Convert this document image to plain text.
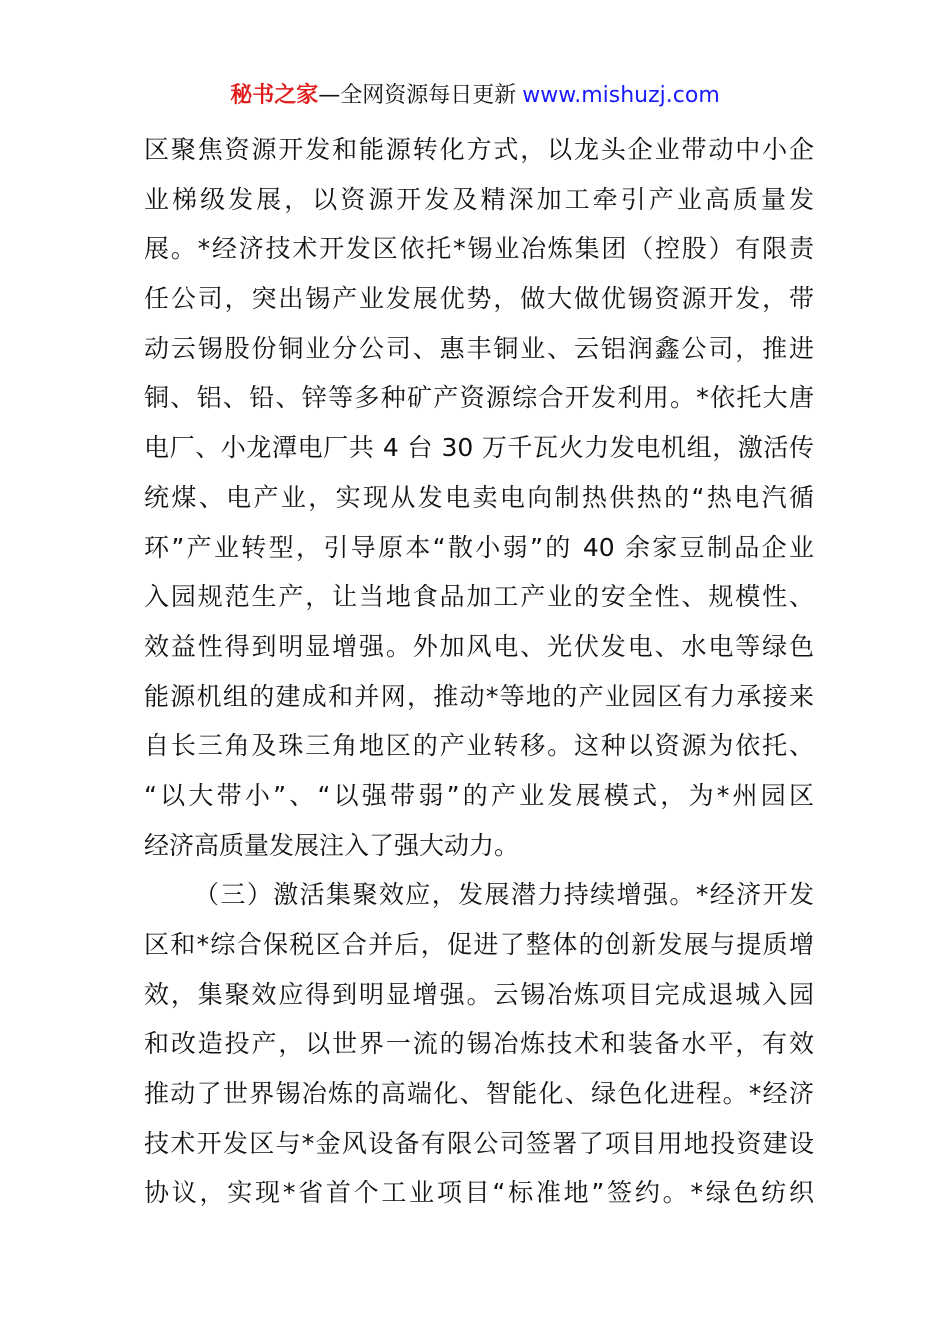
秘书之家—全网资源每日更新 www.mishuzj.com
区聚焦资源开发和能源转化方式，以龙头企业带动中小企
业梯级发展，以资源开发及精深加工牵引产业高质量发
展。*经济技术开发区依托*锡业冶炼集团（控股）有限责
任公司，突出锡产业发展优势，做大做优锡资源开发，带
动云锡股份铜业分公司、惠丰铜业、云铝润鑫公司，推进
铜、铝、铅、锌等多种矿产资源综合开发利用。*依托大唐
电厂、小龙潭电厂共 4 台 30 万千瓦火力发电机组，激活传
统煤、电产业，实现从发电卖电向制热供热的“热电汽循
环”产业转型，引导原本“散小弱”的 40 余家豆制品企业
入园规范生产，让当地食品加工产业的安全性、规模性、
效益性得到明显增强。外加风电、光伏发电、水电等绿色
能源机组的建成和并网，推动*等地的产业园区有力承接来
自长三角及珠三角地区的产业转移。这种以资源为依托、
“以大带小”、“以强带弱”的产业发展模式，为*州园区
经济高质量发展注入了强大动力。
（三）激活集聚效应，发展潜力持续增强。*经济开发
区和*综合保税区合并后，促进了整体的创新发展与提质增
效，集聚效应得到明显增强。云锡冶炼项目完成退城入园
和改造投产，以世界一流的锡冶炼技术和装备水平，有效
推动了世界锡冶炼的高端化、智能化、绿色化进程。*经济
技术开发区与*金风设备有限公司签署了项目用地投资建设
协议，实现*省首个工业项目“标准地”签约。*绿色纺织
